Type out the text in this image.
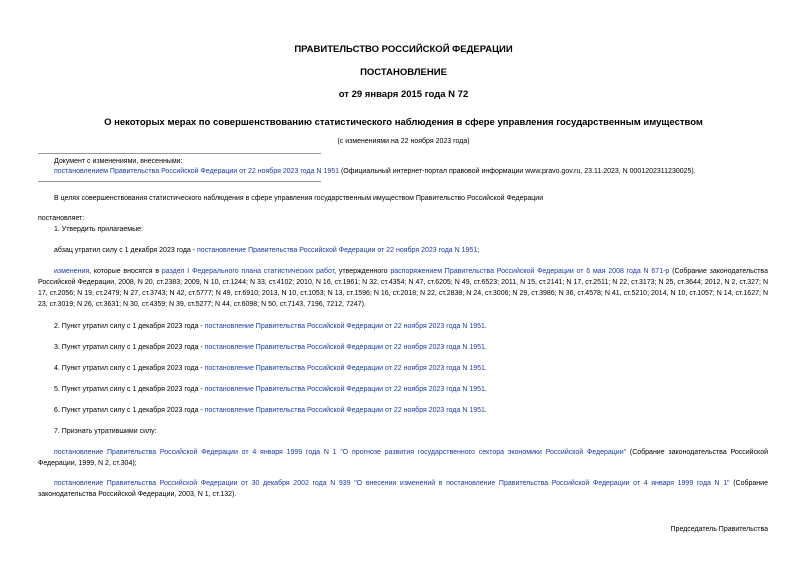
ПРАВИТЕЛЬСТВО РОССИЙСКОЙ ФЕДЕРАЦИИ
ПОСТАНОВЛЕНИЕ
от 29 января 2015 года N 72
О некоторых мерах по совершенствованию статистического наблюдения в сфере управления государственным имуществом
(с изменениями на 22 ноября 2023 года)
Документ с изменениями, внесенными:
постановлением Правительства Российской Федерации от 22 ноября 2023 года N 1951 (Официальный интернет-портал правовой информации www.pravo.gov.ru, 23.11.2023, N 0001202311230025).
В целях совершенствования статистического наблюдения в сфере управления государственным имуществом Правительство Российской Федерации
постановляет:
1. Утвердить прилагаемые:
абзац утратил силу с 1 декабря 2023 года - постановление Правительства Российской Федерации от 22 ноября 2023 года N 1951;
изменения, которые вносятся в раздел I Федерального плана статистических работ, утвержденного распоряжением Правительства Российской Федерации от 6 мая 2008 года N 671-р (Собрание законодательства Российской Федерации, 2008, N 20, ст.2383; 2009, N 10, ст.1244; N 33, ст.4102; 2010, N 16, ст.1961; N 32, ст.4354; N 47, ст.6205; N 49, ст.6523; 2011, N 15, ст.2141; N 17, ст.2511; N 22, ст.3173; N 25, ст.3644; 2012, N 2, ст.327; N 17, ст.2056; N 19, ст.2479; N 27, ст.3743; N 42, ст.5777; N 49, ст.6910; 2013, N 10, ст.1053; N 13, ст.1596; N 16, ст.2018; N 22, ст.2838; N 24, ст.3006; N 29, ст.3986; N 36, ст.4578; N 41, ст.5210; 2014, N 10, ст.1057; N 14, ст.1627; N 23, ст.3019; N 26, ст.3631; N 30, ст.4359; N 39, ст.5277; N 44, ст.6098; N 50, ст.7143, 7196, 7212, 7247).
2. Пункт утратил силу с 1 декабря 2023 года - постановление Правительства Российской Федерации от 22 ноября 2023 года N 1951.
3. Пункт утратил силу с 1 декабря 2023 года - постановление Правительства Российской Федерации от 22 ноября 2023 года N 1951.
4. Пункт утратил силу с 1 декабря 2023 года - постановление Правительства Российской Федерации от 22 ноября 2023 года N 1951.
5. Пункт утратил силу с 1 декабря 2023 года - постановление Правительства Российской Федерации от 22 ноября 2023 года N 1951.
6. Пункт утратил силу с 1 декабря 2023 года - постановление Правительства Российской Федерации от 22 ноября 2023 года N 1951.
7. Признать утратившими силу:
постановление Правительства Российской Федерации от 4 января 1999 года N 1 "О прогнозе развития государственного сектора экономики Российской Федерации" (Собрание законодательства Российской Федерации, 1999, N 2, ст.304);
постановление Правительства Российской Федерации от 30 декабря 2002 года N 939 "О внесении изменений в постановление Правительства Российской Федерации от 4 января 1999 года N 1" (Собрание законодательства Российской Федерации, 2003, N 1, ст.132).
Председатель Правительства
